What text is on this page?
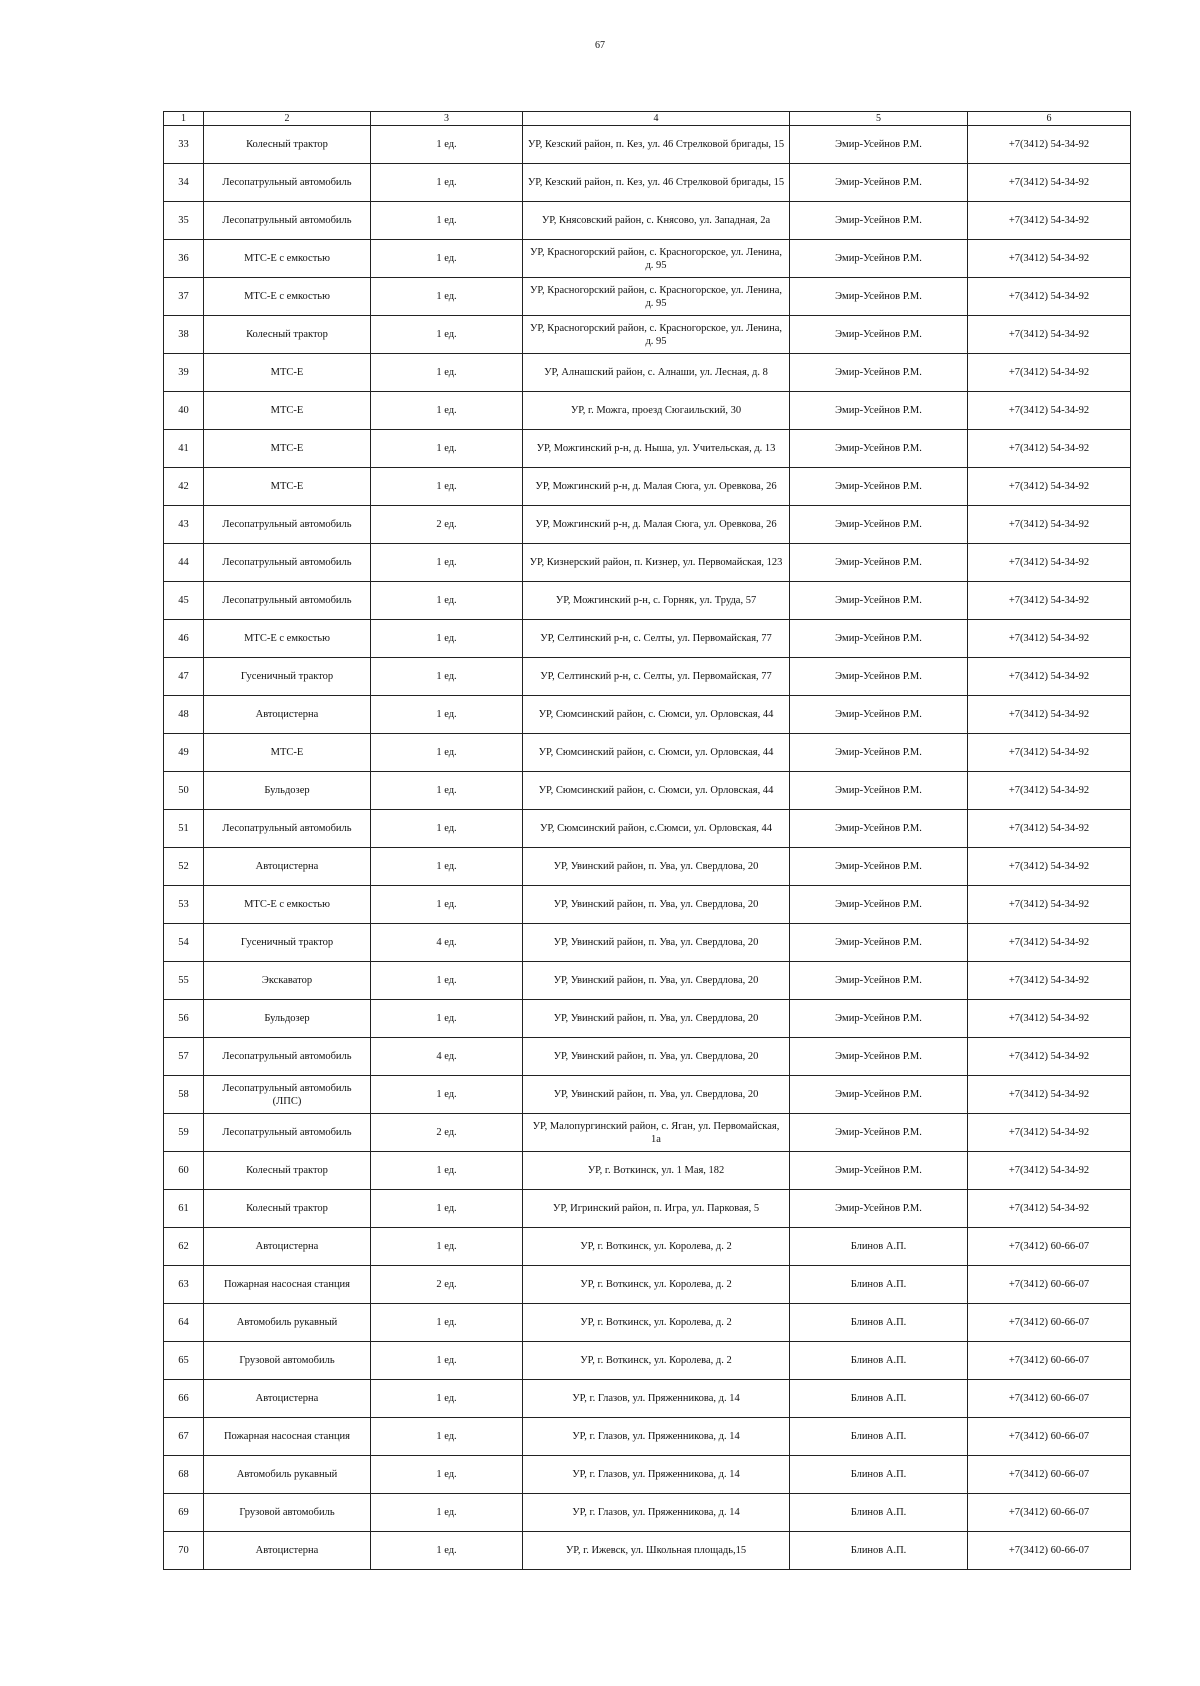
67
1	2	3	4	5	6
33	Колесный трактор	1 ед.	УР, Кезский район, п. Кез, ул. 46 Стрелковой бригады, 15	Эмир-Усейнов Р.М.	+7(3412) 54-34-92
34	Лесопатрульный автомобиль	1 ед.	УР, Кезский район, п. Кез, ул. 46 Стрелковой бригады, 15	Эмир-Усейнов Р.М.	+7(3412) 54-34-92
35	Лесопатрульный автомобиль	1 ед.	УР, Княсовский район, с. Княсово, ул. Западная, 2а	Эмир-Усейнов Р.М.	+7(3412) 54-34-92
36	МТС-Е с емкостью	1 ед.	УР, Красногорский район, с. Красногорское, ул. Ленина, д. 95	Эмир-Усейнов Р.М.	+7(3412) 54-34-92
37	МТС-Е с емкостью	1 ед.	УР, Красногорский район, с. Красногорское, ул. Ленина, д. 95	Эмир-Усейнов Р.М.	+7(3412) 54-34-92
38	Колесный трактор	1 ед.	УР, Красногорский район, с. Красногорское, ул. Ленина, д. 95	Эмир-Усейнов Р.М.	+7(3412) 54-34-92
39	МТС-Е	1 ед.	УР, Алнашский район, с. Алнаши, ул. Лесная, д. 8	Эмир-Усейнов Р.М.	+7(3412) 54-34-92
40	МТС-Е	1 ед.	УР, г. Можга, проезд Сюгаильский, 30	Эмир-Усейнов Р.М.	+7(3412) 54-34-92
41	МТС-Е	1 ед.	УР, Можгинский р-н, д. Ныша, ул. Учительская, д. 13	Эмир-Усейнов Р.М.	+7(3412) 54-34-92
42	МТС-Е	1 ед.	УР, Можгинский р-н, д. Малая Сюга, ул. Оревкова, 26	Эмир-Усейнов Р.М.	+7(3412) 54-34-92
43	Лесопатрульный автомобиль	2 ед.	УР, Можгинский р-н, д. Малая Сюга, ул. Оревкова, 26	Эмир-Усейнов Р.М.	+7(3412) 54-34-92
44	Лесопатрульный автомобиль	1 ед.	УР, Кизнерский район, п. Кизнер, ул. Первомайская, 123	Эмир-Усейнов Р.М.	+7(3412) 54-34-92
45	Лесопатрульный автомобиль	1 ед.	УР, Можгинский р-н, с. Горняк, ул. Труда, 57	Эмир-Усейнов Р.М.	+7(3412) 54-34-92
46	МТС-Е с емкостью	1 ед.	УР, Селтинский р-н, с. Селты, ул. Первомайская, 77	Эмир-Усейнов Р.М.	+7(3412) 54-34-92
47	Гусеничный трактор	1 ед.	УР, Селтинский р-н, с. Селты, ул. Первомайская, 77	Эмир-Усейнов Р.М.	+7(3412) 54-34-92
48	Автоцистерна	1 ед.	УР, Сюмсинский район, с. Сюмси, ул. Орловская, 44	Эмир-Усейнов Р.М.	+7(3412) 54-34-92
49	МТС-Е	1 ед.	УР, Сюмсинский район, с. Сюмси, ул. Орловская, 44	Эмир-Усейнов Р.М.	+7(3412) 54-34-92
50	Бульдозер	1 ед.	УР, Сюмсинский район, с. Сюмси, ул. Орловская, 44	Эмир-Усейнов Р.М.	+7(3412) 54-34-92
51	Лесопатрульный автомобиль	1 ед.	УР, Сюмсинский район, с.Сюмси, ул. Орловская, 44	Эмир-Усейнов Р.М.	+7(3412) 54-34-92
52	Автоцистерна	1 ед.	УР, Увинский район, п. Ува, ул. Свердлова, 20	Эмир-Усейнов Р.М.	+7(3412) 54-34-92
53	МТС-Е с емкостью	1 ед.	УР, Увинский район, п. Ува, ул. Свердлова, 20	Эмир-Усейнов Р.М.	+7(3412) 54-34-92
54	Гусеничный трактор	4 ед.	УР, Увинский район, п. Ува, ул. Свердлова, 20	Эмир-Усейнов Р.М.	+7(3412) 54-34-92
55	Экскаватор	1 ед.	УР, Увинский район, п. Ува, ул. Свердлова, 20	Эмир-Усейнов Р.М.	+7(3412) 54-34-92
56	Бульдозер	1 ед.	УР, Увинский район, п. Ува, ул. Свердлова, 20	Эмир-Усейнов Р.М.	+7(3412) 54-34-92
57	Лесопатрульный автомобиль	4 ед.	УР, Увинский район, п. Ува, ул. Свердлова, 20	Эмир-Усейнов Р.М.	+7(3412) 54-34-92
58	Лесопатрульный автомобиль (ЛПС)	1 ед.	УР, Увинский район, п. Ува, ул. Свердлова, 20	Эмир-Усейнов Р.М.	+7(3412) 54-34-92
59	Лесопатрульный автомобиль	2 ед.	УР, Малопургинский район, с. Яган, ул. Первомайская, 1а	Эмир-Усейнов Р.М.	+7(3412) 54-34-92
60	Колесный трактор	1 ед.	УР, г. Воткинск, ул. 1 Мая, 182	Эмир-Усейнов Р.М.	+7(3412) 54-34-92
61	Колесный трактор	1 ед.	УР, Игринский район, п. Игра, ул. Парковая, 5	Эмир-Усейнов Р.М.	+7(3412) 54-34-92
62	Автоцистерна	1 ед.	УР, г. Воткинск, ул. Королева, д. 2	Блинов А.П.	+7(3412) 60-66-07
63	Пожарная насосная станция	2 ед.	УР, г. Воткинск, ул. Королева, д. 2	Блинов А.П.	+7(3412) 60-66-07
64	Автомобиль рукавный	1 ед.	УР, г. Воткинск, ул. Королева, д. 2	Блинов А.П.	+7(3412) 60-66-07
65	Грузовой автомобиль	1 ед.	УР, г. Воткинск, ул. Королева, д. 2	Блинов А.П.	+7(3412) 60-66-07
66	Автоцистерна	1 ед.	УР, г. Глазов, ул. Пряженникова, д. 14	Блинов А.П.	+7(3412) 60-66-07
67	Пожарная насосная станция	1 ед.	УР, г. Глазов, ул. Пряженникова, д. 14	Блинов А.П.	+7(3412) 60-66-07
68	Автомобиль рукавный	1 ед.	УР, г. Глазов, ул. Пряженникова, д. 14	Блинов А.П.	+7(3412) 60-66-07
69	Грузовой автомобиль	1 ед.	УР, г. Глазов, ул. Пряженникова, д. 14	Блинов А.П.	+7(3412) 60-66-07
70	Автоцистерна	1 ед.	УР, г. Ижевск, ул. Школьная площадь,15	Блинов А.П.	+7(3412) 60-66-07
